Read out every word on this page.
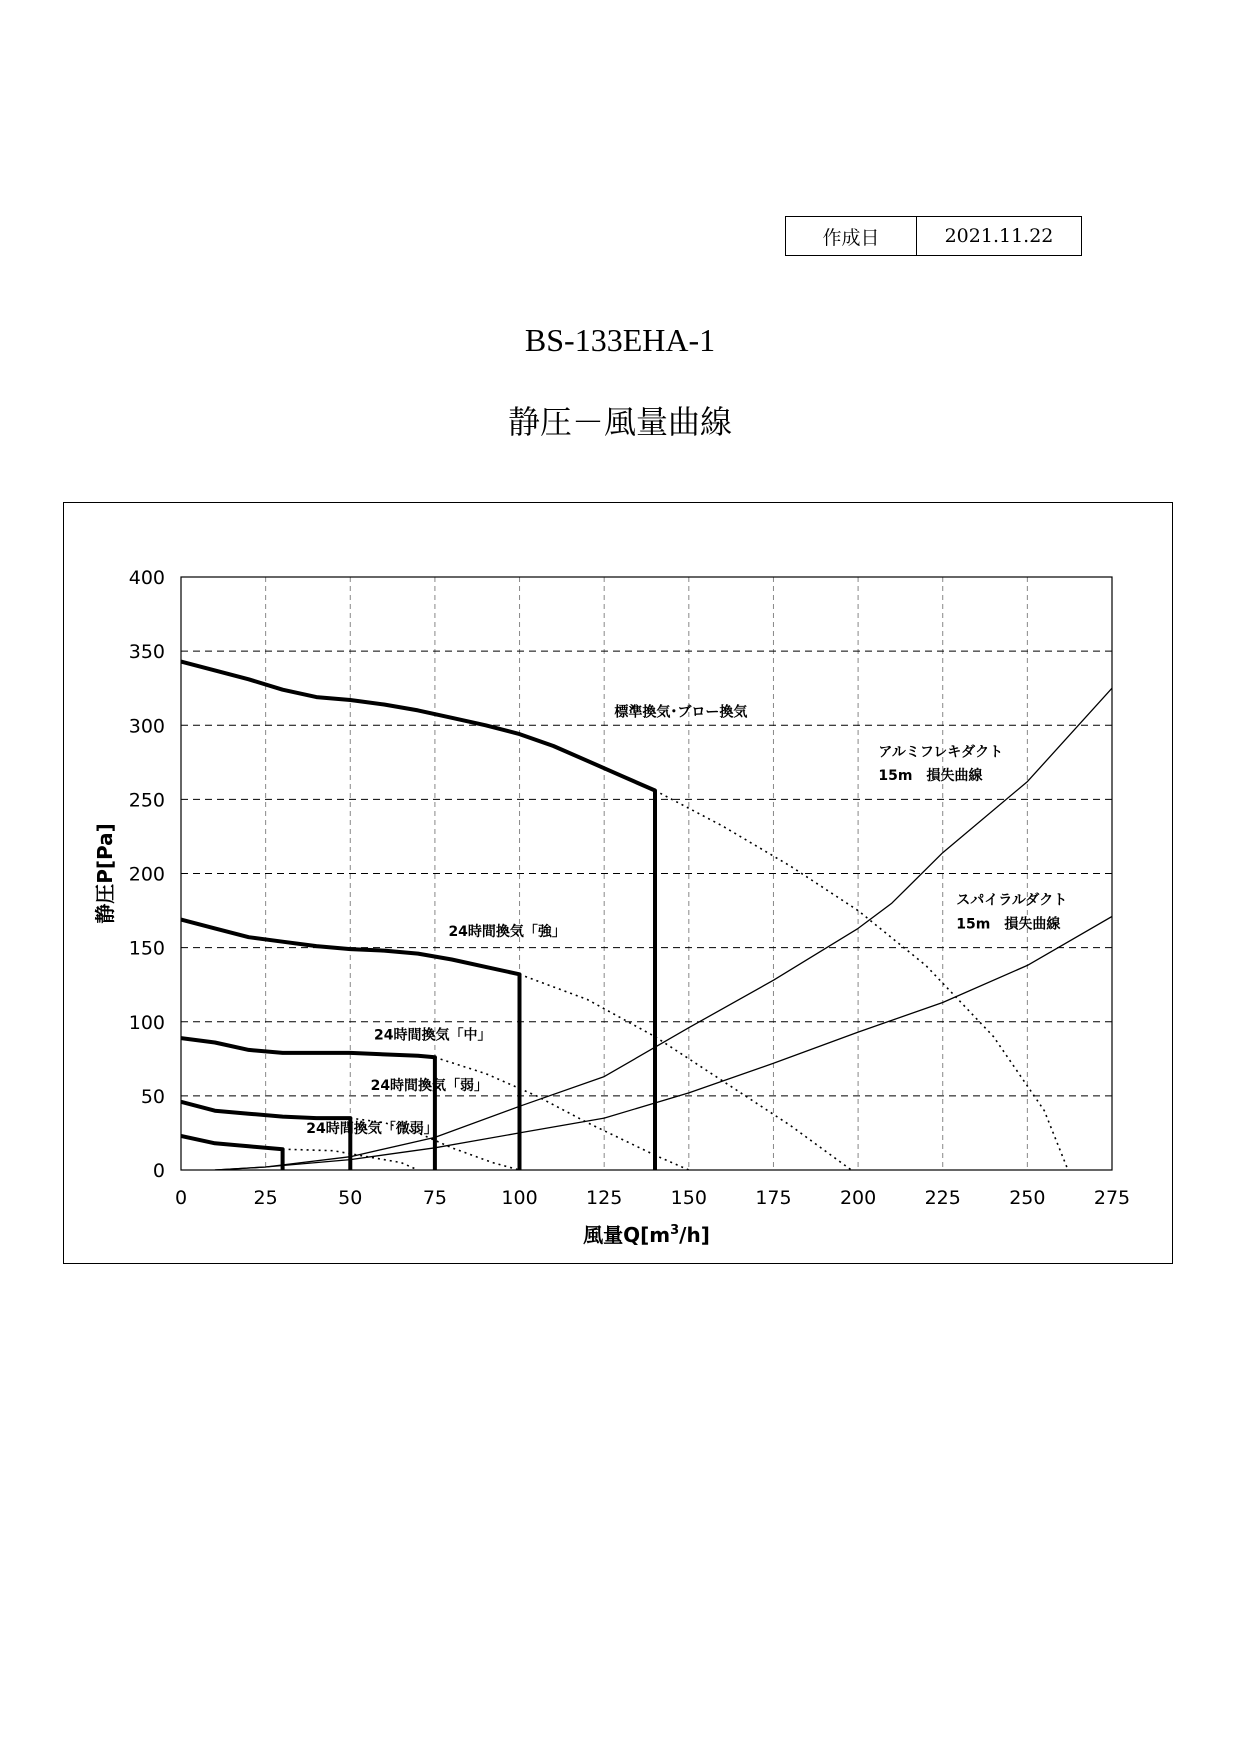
作成日	2021.11.22
BS-133EHA-1
静圧－風量曲線
0	25	50	75	100	125	150	175	200	225	250	275
0
50
100
150
200
250
300
350
400
風量$Q[m^3/h]$
静圧P[Pa]
標準換気･ブロー換気
アルミフレキダクト
15m　損失曲線
スパイラルダクト
15m　損失曲線
24時間換気「強」
24時間換気「中」
24時間換気「弱」
24時間換気「微弱」
